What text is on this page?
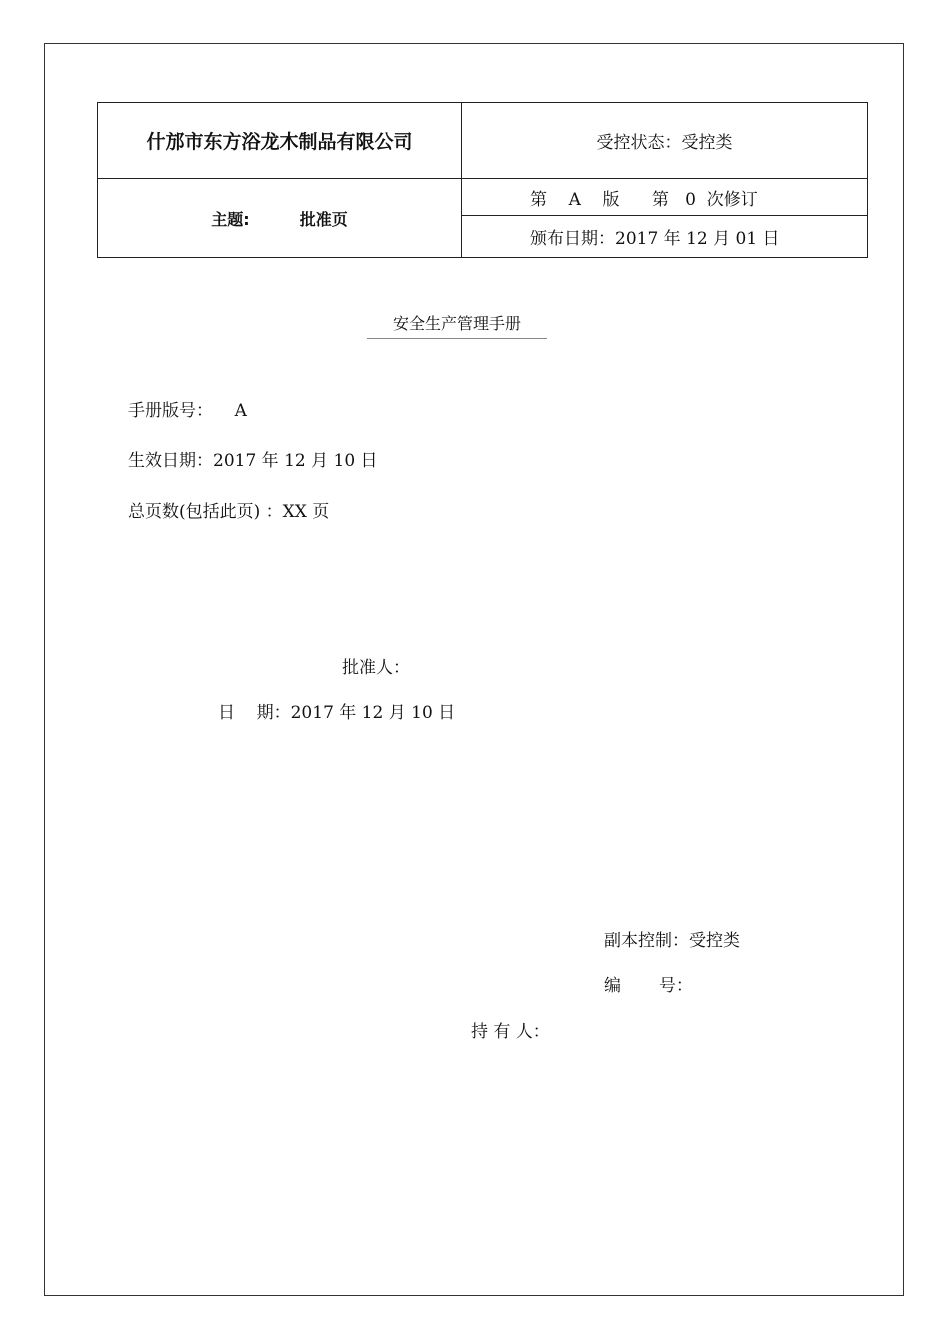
什邡市东方浴龙木制品有限公司	受控状态：受控类
主题:	批准页
第    A    版      第   0  次修订
颁布日期：2017 年 12 月 01 日
安全生产管理手册
手册版号：    A
生效日期：2017 年 12 月 10 日
总页数(包括此页) ：XX 页
批准人：
日    期：2017 年 12 月 10 日
副本控制：受控类
编       号：
持 有 人：
